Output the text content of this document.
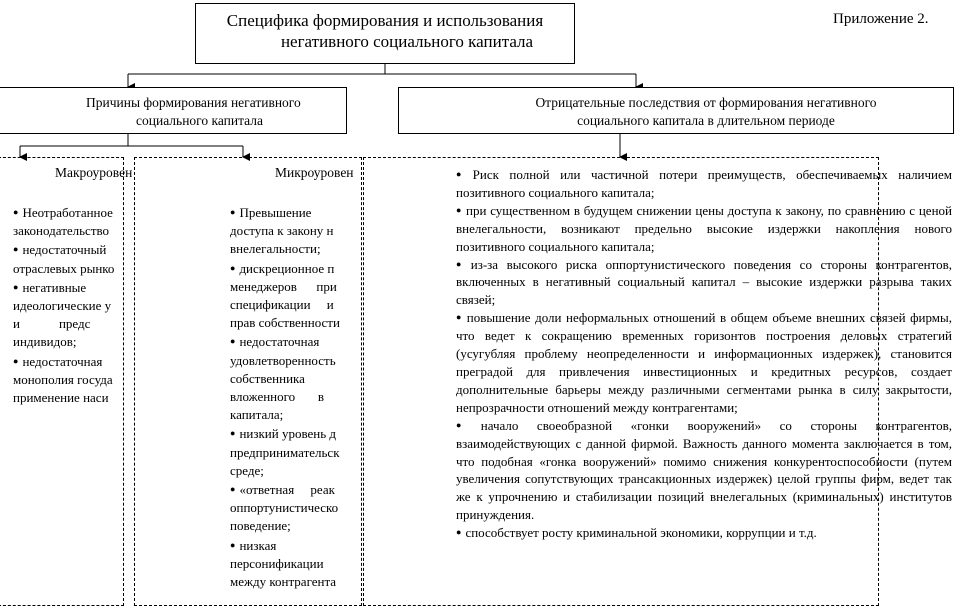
Специфика формирования и использования
негативного социального капитала
Приложение 2.
Причины формирования негативного
социального капитала
Отрицательные последствия от формирования негативного
социального капитала в длительном периоде
Макроуровен
● Неотработанное
законодательство
● недостаточный
отраслевых рынко
● негативные
идеологические у
и            предс
индивидов;
● недостаточная
монополия госуда
применение наси
Микроуровен
● Превышение
доступа к закону н
внелегальности;
● дискреционное п
менеджеров      при
спецификации     и
прав собственности
● недостаточная
удовлетворенность
собственника
вложенного       в
капитала;
● низкий уровень д
предпринимательск
среде;
● «ответная     реак
оппортунистическо
поведение;
● низкая
персонификации
между контрагента
● Риск полной или частичной потери преимуществ, обеспечиваемых наличием позитивного социального капитала;
● при существенном в будущем снижении цены доступа к закону, по сравнению с ценой внелегальности, возникают предельно высокие издержки накопления нового позитивного социального капитала;
● из-за высокого риска оппортунистического поведения со стороны контрагентов, включенных в негативный социальный капитал – высокие издержки разрыва таких связей;
● повышение доли неформальных отношений в общем объеме внешних связей фирмы, что ведет к сокращению временных горизонтов построения деловых стратегий (усугубляя проблему неопределенности и информационных издержек), становится преградой для привлечения инвестиционных и кредитных ресурсов, создает дополнительные барьеры между различными сегментами рынка в силу закрытости, непрозрачности отношений между контрагентами;
● начало своеобразной «гонки вооружений» со стороны контрагентов, взаимодействующих с данной фирмой. Важность данного момента заключается в том, что подобная «гонка вооружений» помимо снижения конкурентоспособности (путем увеличения сопутствующих трансакционных издержек) целой группы фирм, ведет так же к упрочнению и стабилизации позиций внелегальных (криминальных) институтов принуждения.
● способствует росту криминальной экономики, коррупции и т.д.
